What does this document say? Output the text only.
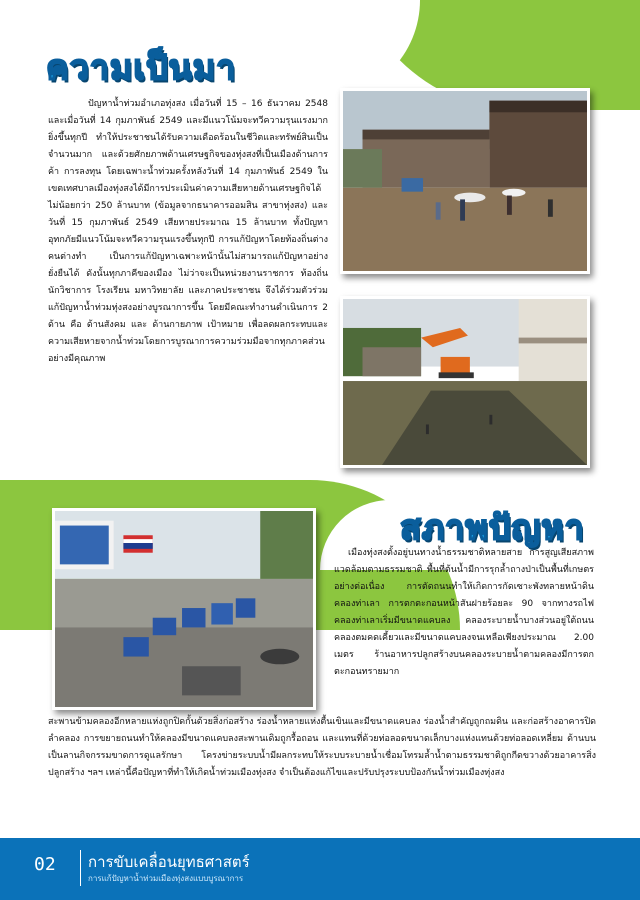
ความเป็นมา

ปัญหาน้ำท่วมอำเภอทุ่งสง เมื่อวันที่ 15 – 16 ธันวาคม 2548 และเมื่อวันที่ 14 กุมภาพันธ์ 2549 และมีแนวโน้มจะทวีความรุนแรงมากยิ่งขึ้นทุกปี ทำให้ประชาชนได้รับความเดือดร้อนในชีวิตและทรัพย์สินเป็นจำนวนมาก และด้วยศักยภาพด้านเศรษฐกิจของทุ่งสงที่เป็นเมืองด้านการค้า การลงทุน โดยเฉพาะน้ำท่วมครั้งหลังวันที่ 14 กุมภาพันธ์ 2549 ในเขตเทศบาลเมืองทุ่งสงได้มีการประเมินค่าความเสียหายด้านเศรษฐกิจได้ไม่น้อยกว่า 250 ล้านบาท (ข้อมูลจากธนาคารออมสิน สาขาทุ่งสง) และวันที่ 15 กุมภาพันธ์ 2549 เสียหายประมาณ 15 ล้านบาท ทั้งปัญหาอุทกภัยมีแนวโน้มจะทวีความรุนแรงขึ้นทุกปี การแก้ปัญหาโดยท้องถิ่นต่างคนต่างทำ เป็นการแก้ปัญหาเฉพาะหน้านั้นไม่สามารถแก้ปัญหาอย่างยั่งยืนได้ ดังนั้นทุกภาคีของเมือง ไม่ว่าจะเป็นหน่วยงานราชการ ท้องถิ่น นักวิชาการ โรงเรียน มหาวิทยาลัย และภาคประชาชน จึงได้ร่วมตัวร่วมแก้ปัญหาน้ำท่วมทุ่งสงอย่างบูรณาการขึ้น โดยมีคณะทำงานดำเนินการ 2 ด้าน คือ ด้านสังคม และ ด้านกายภาพ เป้าหมาย เพื่อลดผลกระทบและความเสียหายจากน้ำท่วมโดยการบูรณาการความร่วมมือจากทุกภาคส่วนอย่างมีคุณภาพ

สภาพปัญหา

เมืองทุ่งสงตั้งอยู่บนทางน้ำธรรมชาติหลายสาย การสูญเสียสภาพแวดล้อมตามธรรมชาติ พื้นที่ต้นน้ำมีการรุกล้ำถางป่าเป็นพื้นที่เกษตรอย่างต่อเนื่อง การตัดถนนทำให้เกิดการกัดเซาะพังทลายหน้าดินคลองท่าเลา การตกตะกอนหน้าสันฝายร้อยละ 90 จากทางรถไฟ คลองท่าเลาเริ่มมีขนาดแคบลง คลองระบายน้ำบางส่วนอยู่ใต้ถนนคลองตมคดเคี้ยวและมีขนาดแคบลงจนเหลือเพียงประมาณ 2.00 เมตร ร้านอาหารปลูกสร้างบนคลองระบายน้ำตามคลองมีการตกตะกอนทรายมาก

สะพานข้ามคลองอีกหลายแห่งถูกปิดกั้นด้วยสิ่งก่อสร้าง ร่องน้ำหลายแห่งตื้นเขินและมีขนาดแคบลง ร่องน้ำสำคัญถูกถมดิน และก่อสร้างอาคารปิดลำคลอง การขยายถนนทำให้คลองมีขนาดแคบลงสะพานเดิมถูกรื้อถอน และแทนที่ด้วยท่อลอดขนาดเล็กบางแห่งแทนด้วยท่อลอดเหลี่ยม ด้านบนเป็นลานกิจกรรมขาดการดูแลรักษา โครงข่ายระบบน้ำมีผลกระทบให้ระบบระบายน้ำเชื่อมโทรมล้ำน้ำตามธรรมชาติถูกกีดขวางด้วยอาคารสิ่งปลูกสร้าง ฯลฯ เหล่านี้คือปัญหาที่ทำให้เกิดน้ำท่วมเมืองทุ่งสง จำเป็นต้องแก้ไขและปรับปรุงระบบป้องกันน้ำท่วมเมืองทุ่งสง

02 การขับเคลื่อนยุทธศาสตร์
การแก้ปัญหาน้ำท่วมเมืองทุ่งสงแบบบูรณาการ
